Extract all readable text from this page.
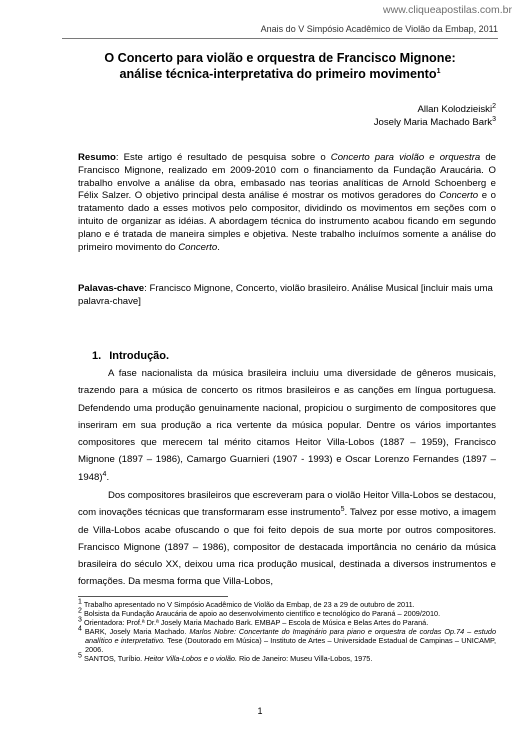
www.cliqueapostilas.com.br
Anais do V Simpósio Acadêmico de Violão da Embap, 2011
O Concerto para violão e orquestra de Francisco Mignone:
análise técnica-interpretativa do primeiro movimento$^1$
Allan Kolodzieiski$^2$
Josely Maria Machado Bark$^3$
Resumo: Este artigo é resultado de pesquisa sobre o Concerto para violão e orquestra de Francisco Mignone, realizado em 2009-2010 com o financiamento da Fundação Araucária. O trabalho envolve a análise da obra, embasado nas teorias analíticas de Arnold Schoenberg e Félix Salzer. O objetivo principal desta análise é mostrar os motivos geradores do Concerto e o tratamento dado a esses motivos pelo compositor, dividindo os movimentos em seções com o intuito de organizar as idéias. A abordagem técnica do instrumento acabou ficando em segundo plano e é tratada de maneira simples e objetiva. Neste trabalho incluímos somente a análise do primeiro movimento do Concerto.
Palavas-chave: Francisco Mignone, Concerto, violão brasileiro. Análise Musical [incluir mais uma palavra-chave]
1. Introdução.

A fase nacionalista da música brasileira incluiu uma diversidade de gêneros musicais, trazendo para a música de concerto os ritmos brasileiros e as canções em língua portuguesa. Defendendo uma produção genuinamente nacional, propiciou o surgimento de compositores que inseriram em sua produção a rica vertente da música popular. Dentre os vários importantes compositores que merecem tal mérito citamos Heitor Villa-Lobos (1887 – 1959), Francisco Mignone (1897 – 1986), Camargo Guarnieri (1907 - 1993) e Oscar Lorenzo Fernandes (1897 – 1948)$^4$.

Dos compositores brasileiros que escreveram para o violão Heitor Villa-Lobos se destacou, com inovações técnicas que transformaram esse instrumento$^5$. Talvez por esse motivo, a imagem de Villa-Lobos acabe ofuscando o que foi feito depois de sua morte por outros compositores. Francisco Mignone (1897 – 1986), compositor de destacada importância no cenário da música brasileira do século XX, deixou uma rica produção musical, destinada a diversos instrumentos e formações. Da mesma forma que Villa-Lobos,

$^1$ Trabalho apresentado no V Simpósio Acadêmico de Violão da Embap, de 23 a 29 de outubro de 2011.
$^2$ Bolsista da Fundação Araucária de apoio ao desenvolvimento científico e tecnológico do Paraná – 2009/2010.
$^3$ Orientadora: Prof.ª Dr.ª Josely Maria Machado Bark. EMBAP – Escola de Música e Belas Artes do Paraná.
$^4$ BARK, Josely Maria Machado. Marlos Nobre: Concertante do Imaginário para piano e orquestra de cordas Op.74 – estudo analítico e interpretativo. Tese (Doutorado em Música) – Instituto de Artes – Universidade Estadual de Campinas – UNICAMP, 2006.
$^5$ SANTOS, Turíbio. Heitor Villa-Lobos e o violão. Rio de Janeiro: Museu Villa-Lobos, 1975.
1
